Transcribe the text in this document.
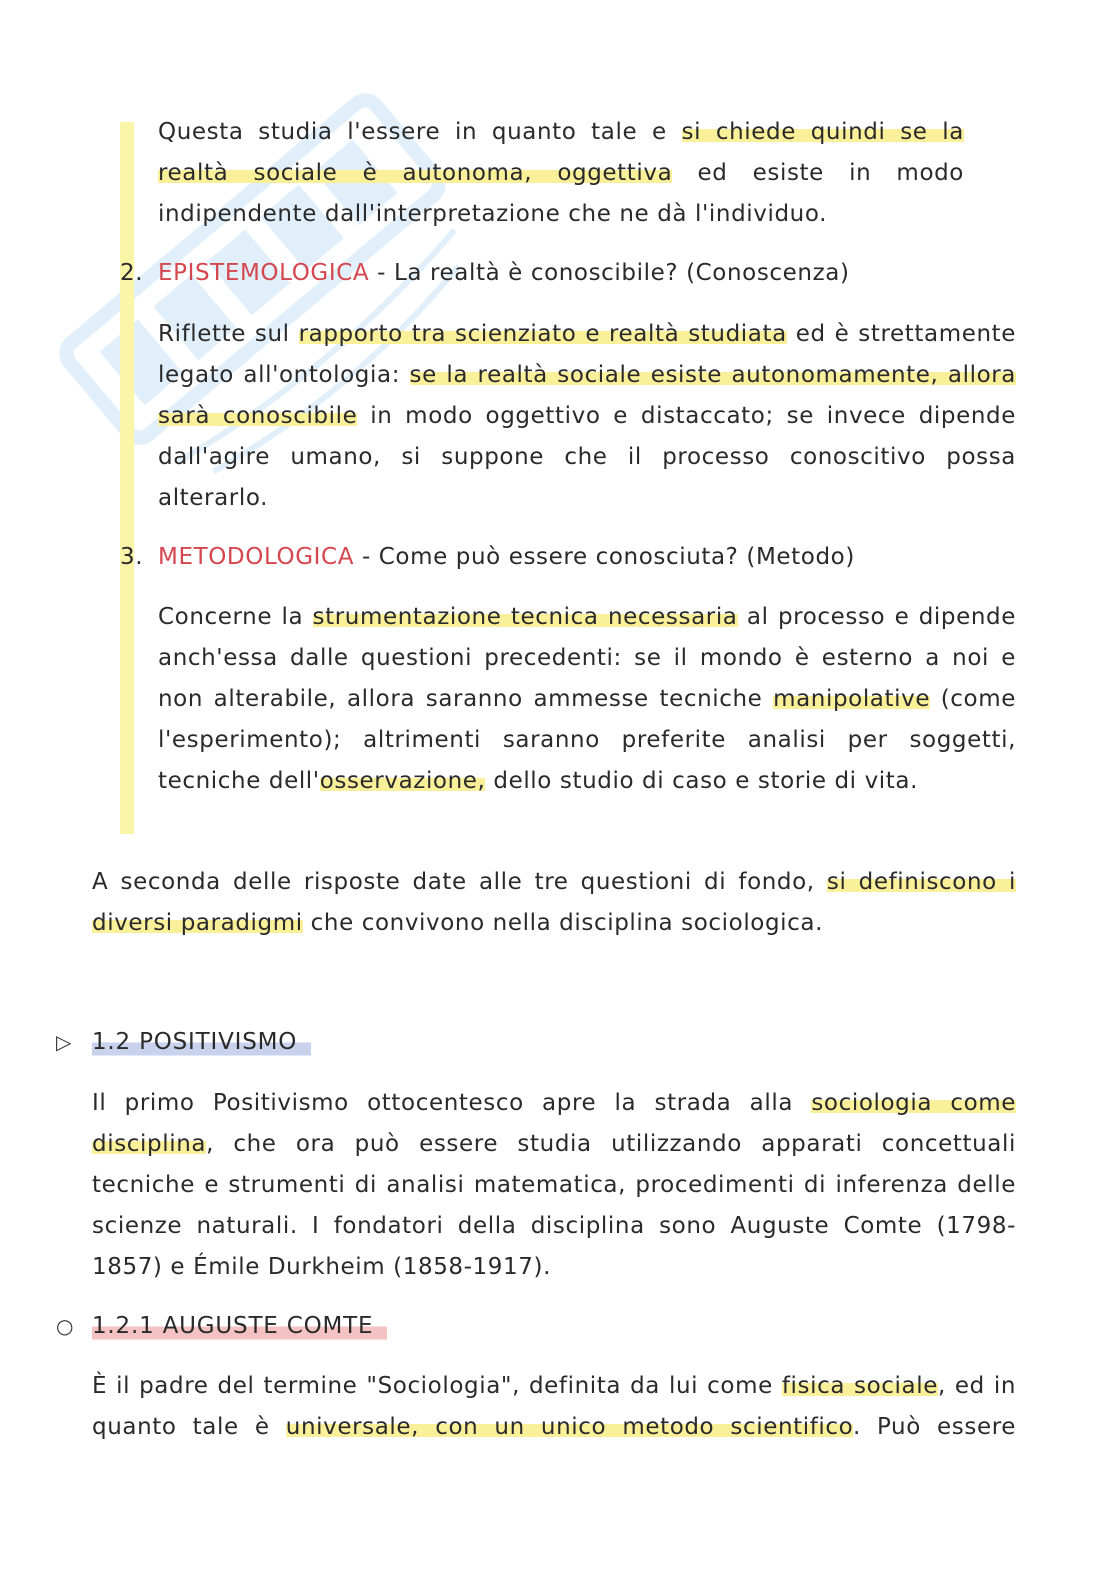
Questa studia l'essere in quanto tale e si chiede quindi se la realtà sociale è autonoma, oggettiva ed esiste in modo indipendente dall'interpretazione che ne dà l'individuo.

2. EPISTEMOLOGICA - La realtà è conoscibile? (Conoscenza)

Riflette sul rapporto tra scienziato e realtà studiata ed è strettamente legato all'ontologia: se la realtà sociale esiste autonomamente, allora sarà conoscibile in modo oggettivo e distaccato; se invece dipende dall'agire umano, si suppone che il processo conoscitivo possa alterarlo.

3. METODOLOGICA - Come può essere conosciuta? (Metodo)

Concerne la strumentazione tecnica necessaria al processo e dipende anch'essa dalle questioni precedenti: se il mondo è esterno a noi e non alterabile, allora saranno ammesse tecniche manipolative (come l'esperimento); altrimenti saranno preferite analisi per soggetti, tecniche dell'osservazione, dello studio di caso e storie di vita.

A seconda delle risposte date alle tre questioni di fondo, si definiscono i diversi paradigmi che convivono nella disciplina sociologica.

▷ 1.2 POSITIVISMO

Il primo Positivismo ottocentesco apre la strada alla sociologia come disciplina, che ora può essere studia utilizzando apparati concettuali tecniche e strumenti di analisi matematica, procedimenti di inferenza delle scienze naturali. I fondatori della disciplina sono Auguste Comte (1798-1857) e Émile Durkheim (1858-1917).

○ 1.2.1 AUGUSTE COMTE

È il padre del termine "Sociologia", definita da lui come fisica sociale, ed in quanto tale è universale, con un unico metodo scientifico. Può essere
